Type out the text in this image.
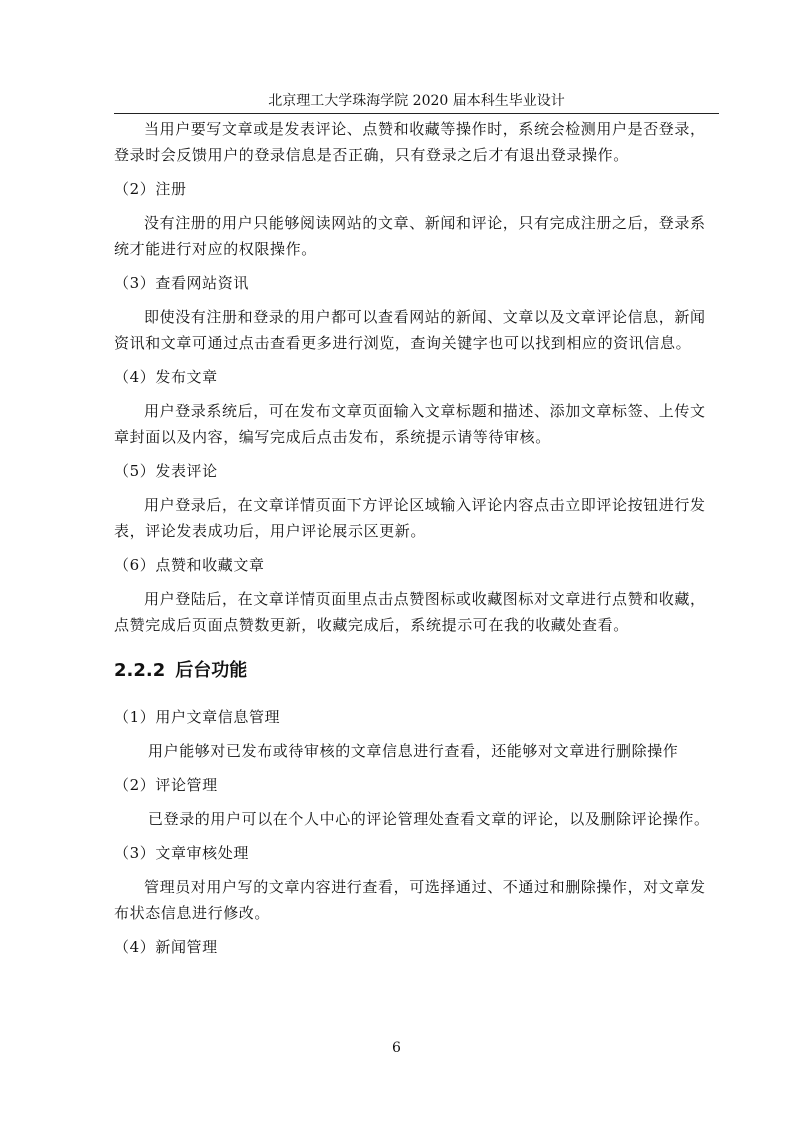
北京理工大学珠海学院 2020 届本科生毕业设计

当用户要写文章或是发表评论、点赞和收藏等操作时，系统会检测用户是否登录，登录时会反馈用户的登录信息是否正确，只有登录之后才有退出登录操作。

（2）注册

没有注册的用户只能够阅读网站的文章、新闻和评论，只有完成注册之后，登录系统才能进行对应的权限操作。

（3）查看网站资讯

即使没有注册和登录的用户都可以查看网站的新闻、文章以及文章评论信息，新闻资讯和文章可通过点击查看更多进行浏览，查询关键字也可以找到相应的资讯信息。

（4）发布文章

用户登录系统后，可在发布文章页面输入文章标题和描述、添加文章标签、上传文章封面以及内容，编写完成后点击发布，系统提示请等待审核。

（5）发表评论

用户登录后，在文章详情页面下方评论区域输入评论内容点击立即评论按钮进行发表，评论发表成功后，用户评论展示区更新。

（6）点赞和收藏文章

用户登陆后，在文章详情页面里点击点赞图标或收藏图标对文章进行点赞和收藏，点赞完成后页面点赞数更新，收藏完成后，系统提示可在我的收藏处查看。

2.2.2 后台功能

（1）用户文章信息管理

用户能够对已发布或待审核的文章信息进行查看，还能够对文章进行删除操作

（2）评论管理

已登录的用户可以在个人中心的评论管理处查看文章的评论，以及删除评论操作。

（3）文章审核处理

管理员对用户写的文章内容进行查看，可选择通过、不通过和删除操作，对文章发布状态信息进行修改。

（4）新闻管理

6
